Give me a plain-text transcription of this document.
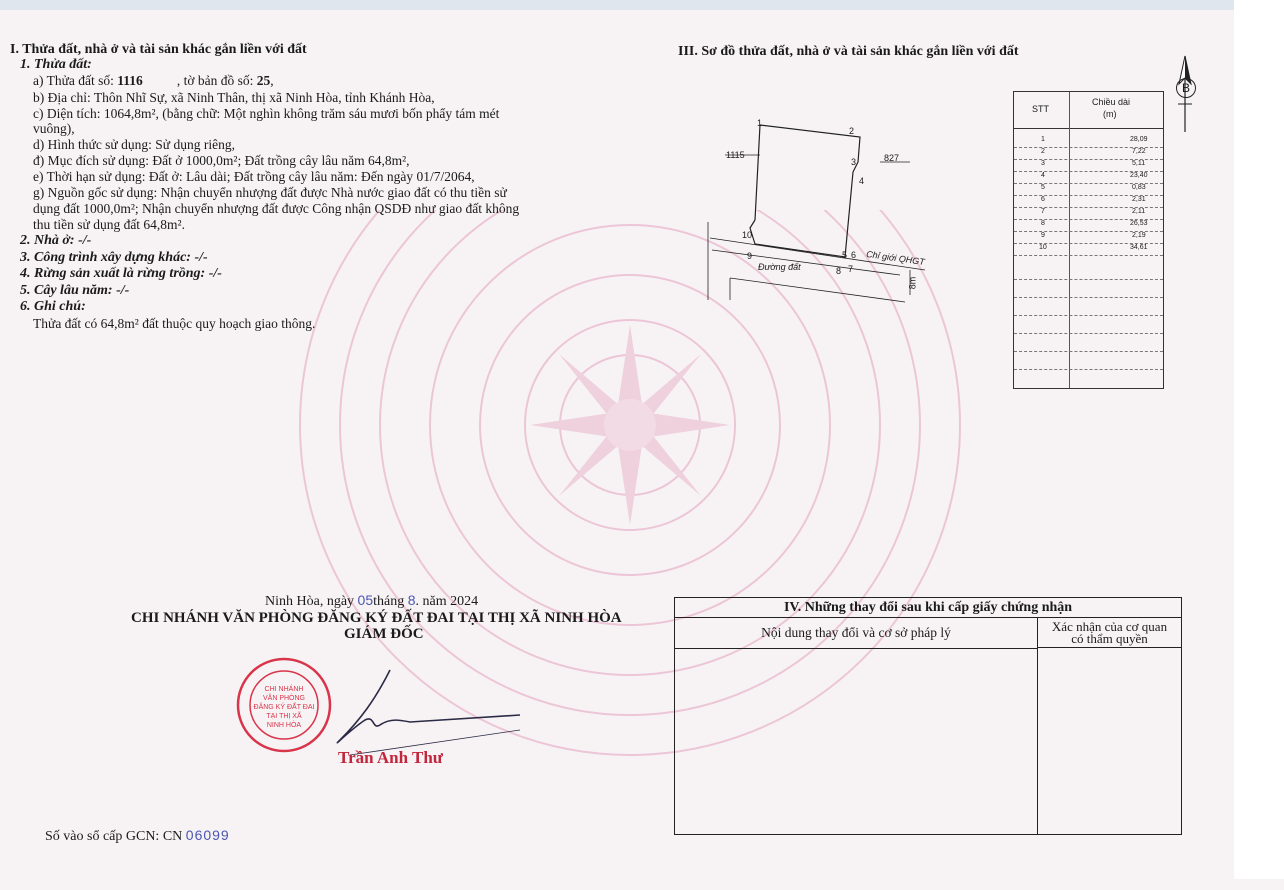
I. Thửa đất, nhà ở và tài sản khác gắn liền với đất
1. Thửa đất:
a) Thửa đất số: 1116	, tờ bản đồ số: 25,
b) Địa chỉ: Thôn Nhĩ Sự, xã Ninh Thân, thị xã Ninh Hòa, tỉnh Khánh Hòa,
c) Diện tích: 1064,8m², (bằng chữ: Một nghìn không trăm sáu mươi bốn phẩy tám mét
vuông),
d) Hình thức sử dụng: Sử dụng riêng,
đ) Mục đích sử dụng: Đất ở 1000,0m²; Đất trồng cây lâu năm 64,8m²,
e) Thời hạn sử dụng: Đất ở: Lâu dài; Đất trồng cây lâu năm: Đến ngày 01/7/2064,
g) Nguồn gốc sử dụng: Nhận chuyển nhượng đất được Nhà nước giao đất có thu tiền sử
dụng đất 1000,0m²; Nhận chuyển nhượng đất được Công nhận QSDĐ như giao đất không
thu tiền sử dụng đất 64,8m².
2. Nhà ở: -/-
3. Công trình xây dựng khác: -/-
4. Rừng sản xuất là rừng trồng: -/-
5. Cây lâu năm: -/-
6. Ghi chú:
Thửa đất có 64,8m² đất thuộc quy hoạch giao thông.
III. Sơ đồ thửa đất, nhà ở và tài sản khác gắn liền với đất
B
1115	827
Đường đất	Chỉ giới QHGT
8m
1
2
3
4
5 6
7
8
9
10
STT
Chiều dài
(m)
1	28,09
2	7,22
3	5,11
4	23,40
5	0,83
6	2,31
7	2,11
8	26,53
9	2,19
10	34,61
Ninh Hòa, ngày 05tháng 8. năm 2024
CHI NHÁNH VĂN PHÒNG ĐĂNG KÝ ĐẤT ĐAI TẠI THỊ XÃ NINH HÒA
GIÁM ĐỐC
CHI NHÁNH
VĂN PHÒNG
ĐĂNG KÝ ĐẤT ĐAI
TẠI THỊ XÃ
NINH HÒA
Trần Anh Thư
IV. Những thay đổi sau khi cấp giấy chứng nhận
Nội dung thay đổi và cơ sở pháp lý	Xác nhận của cơ quan
có thẩm quyền
Số vào sổ cấp GCN: CN 06099
